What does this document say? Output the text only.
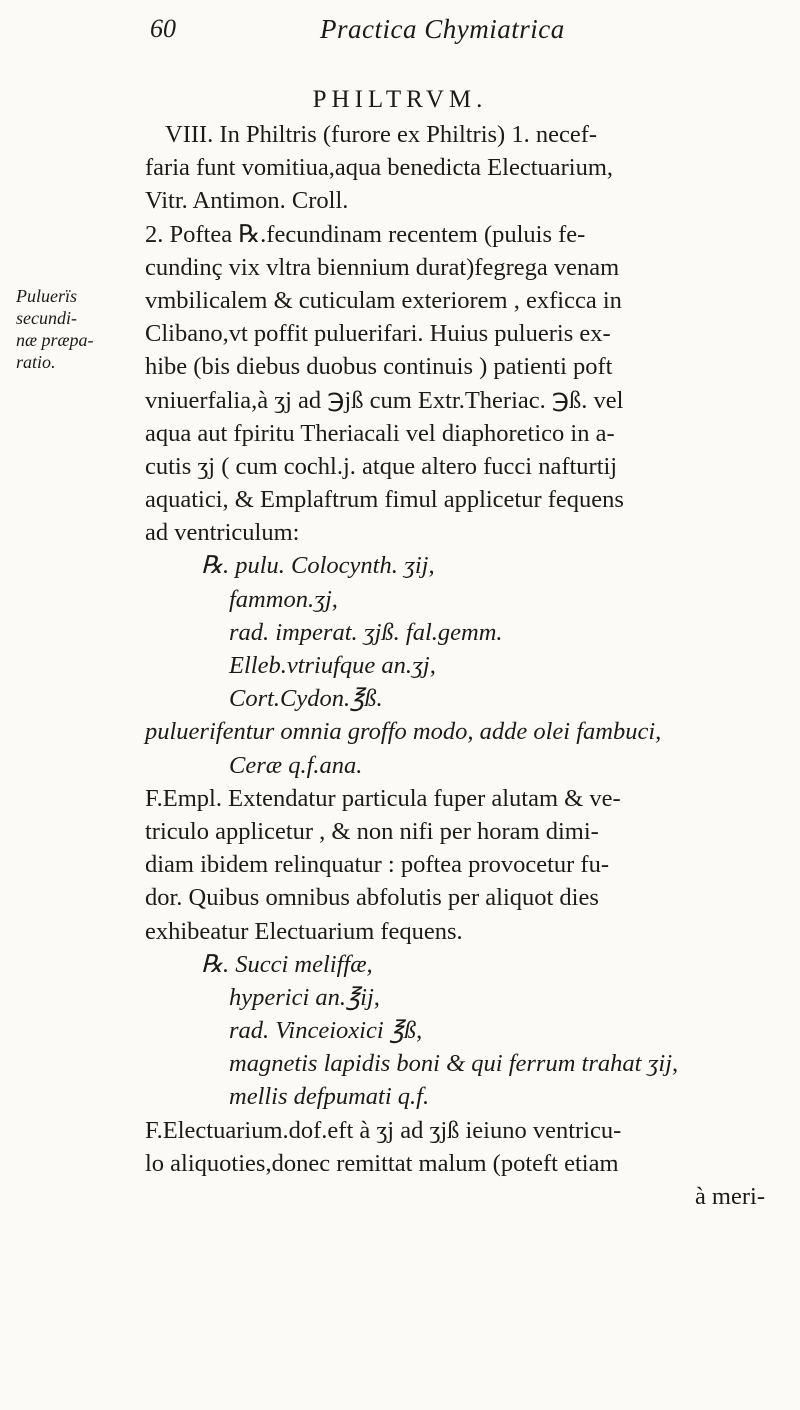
60	Practica Chymiatrica
PHILTRVM.
Puluerïs
secundi-
næ præpa-
ratio.
VIII. In Philtris (furore ex Philtris) 1. necef-
faria funt vomitiua,aqua benedicta Electuarium,
Vitr. Antimon. Croll.
2. Poftea ℞.fecundinam recentem (puluis fe-
cundinç vix vltra biennium durat)fegrega venam
vmbilicalem & cuticulam exteriorem , exficca in
Clibano,vt poffit puluerifari. Huius pulueris ex-
hibe (bis diebus duobus continuis ) patienti poft
vniuerfalia,à ʒj ad ℈jß cum Extr.Theriac. ℈ß. vel
aqua aut fpiritu Theriacali vel diaphoretico in a-
cutis ʒj ( cum cochl.j. atque altero fucci nafturtij
aquatici, & Emplaftrum fimul applicetur fequens
ad ventriculum:
℞. pulu. Colocynth. ʒij,
fammon.ʒj,
rad. imperat. ʒjß. fal.gemm.
Elleb.vtriufque an.ʒj,
Cort.Cydon.℥ß.
puluerifentur omnia groffo modo, adde olei fambuci,
Ceræ q.f.ana.
F.Empl. Extendatur particula fuper alutam & ve-
triculo applicetur , & non nifi per horam dimi-
diam ibidem relinquatur : poftea provocetur fu-
dor. Quibus omnibus abfolutis per aliquot dies
exhibeatur Electuarium fequens.
℞. Succi meliffæ,
hyperici an.℥ij,
rad. Vinceioxici ℥ß,
magnetis lapidis boni & qui ferrum trahat ʒij,
mellis defpumati q.f.
F.Electuarium.dof.eft à ʒj ad ʒjß ieiuno ventricu-
lo aliquoties,donec remittat malum (poteft etiam
à meri-
